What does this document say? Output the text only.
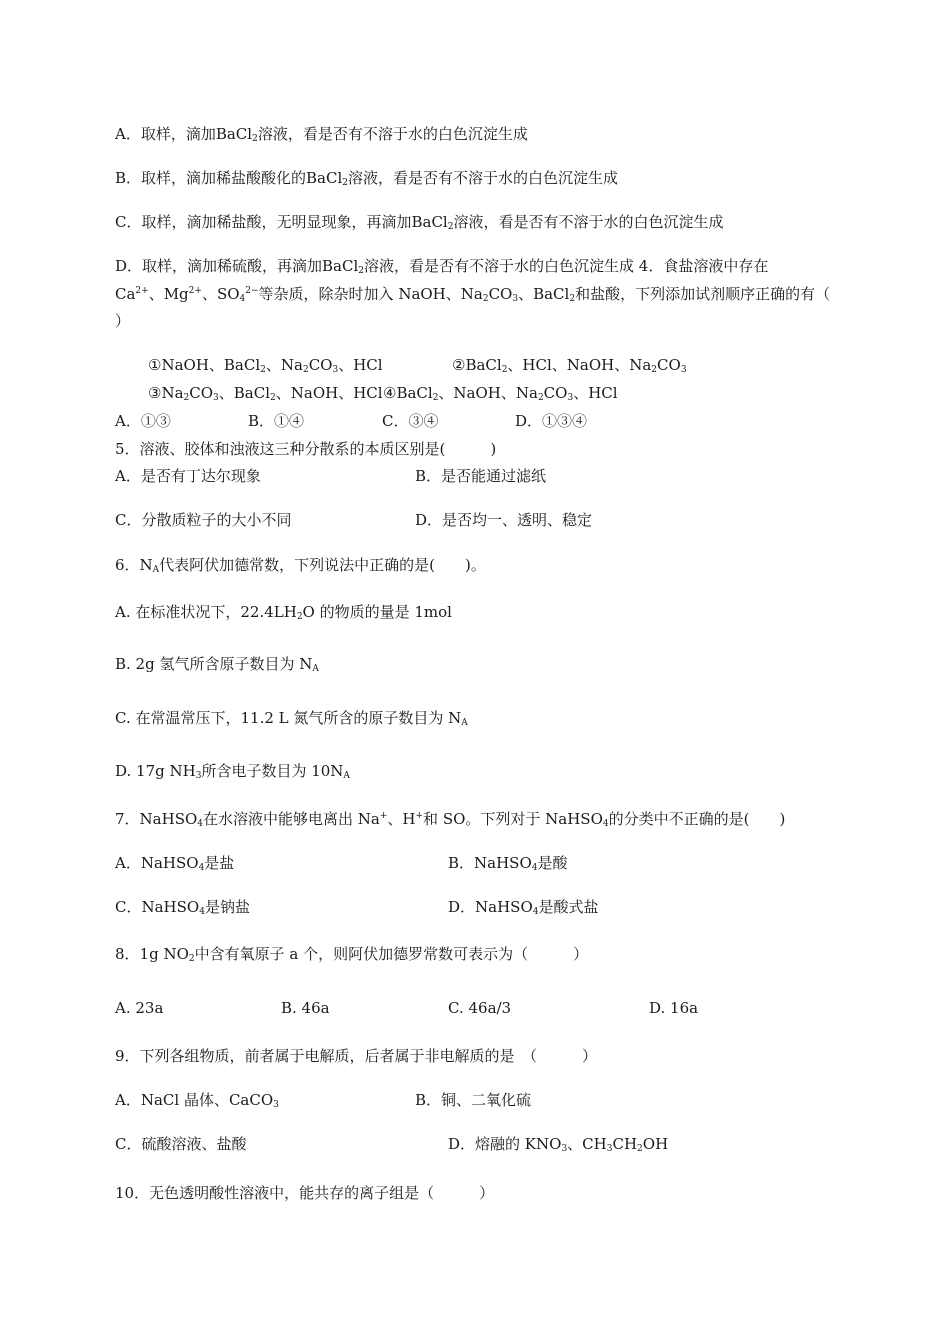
A．取样，滴加BaCl$_2$溶液，看是否有不溶于水的白色沉淀生成
B．取样，滴加稀盐酸酸化的BaCl$_2$溶液，看是否有不溶于水的白色沉淀生成
C．取样，滴加稀盐酸，无明显现象，再滴加BaCl$_2$溶液，看是否有不溶于水的白色沉淀生成
D．取样，滴加稀硫酸，再滴加BaCl$_2$溶液，看是否有不溶于水的白色沉淀生成 4．食盐溶液中存在
$Ca^{2+}$、$Mg^{2+}$、$SO_4^{2-}$等杂质，除杂时加入 NaOH、$Na_2CO_3$、BaCl$_2$和盐酸，下列添加试剂顺序正确的有（
）
①NaOH、BaCl$_2$、$Na_2CO_3$、HCl	②BaCl$_2$、HCl、NaOH、$Na_2CO_3$
$③Na_2CO_3$、BaCl$_2$、NaOH、HCl ④BaCl$_2$、NaOH、$Na_2CO_3$、HCl
A．①③	B．①④	C．③④	D．①③④
5．溶液、胶体和浊液这三种分散系的本质区别是(　　　)
A．是否有丁达尔现象	B．是否能通过滤纸
C．分散质粒子的大小不同	D．是否均一、透明、稳定
6．$N_A$代表阿伏加德常数，下列说法中正确的是(　　)。
A. 在标准状况下，$22.4LH_2O$ 的物质的量是 1mol
B. 2g 氢气所含原子数目为 $N_A$
C. 在常温常压下，11.2 L 氮气所含的原子数目为 $N_A$
D. 17g $NH_3$所含电子数目为 $10N_A$
7．NaHSO$_4$在水溶液中能够电离出 Na+、H+和 SO。下列对于 NaHSO$_4$的分类中不正确的是(　　)
A．NaHSO$_4$是盐	B．NaHSO$_4$是酸
C．NaHSO$_4$是钠盐	D．NaHSO$_4$是酸式盐
8．1g $NO_2$中含有氧原子 a 个，则阿伏加德罗常数可表示为（　　　）
A. 23a	B. 46a	C. 46a/3	D. 16a
9．下列各组物质，前者属于电解质，后者属于非电解质的是　（　　　）
A．NaCl 晶体、CaCO$_3$	B．铜、二氧化硫
C．硫酸溶液、盐酸	D．熔融的 $KNO_3$、$CH_3CH_2OH$
10．无色透明酸性溶液中，能共存的离子组是（　　　）
